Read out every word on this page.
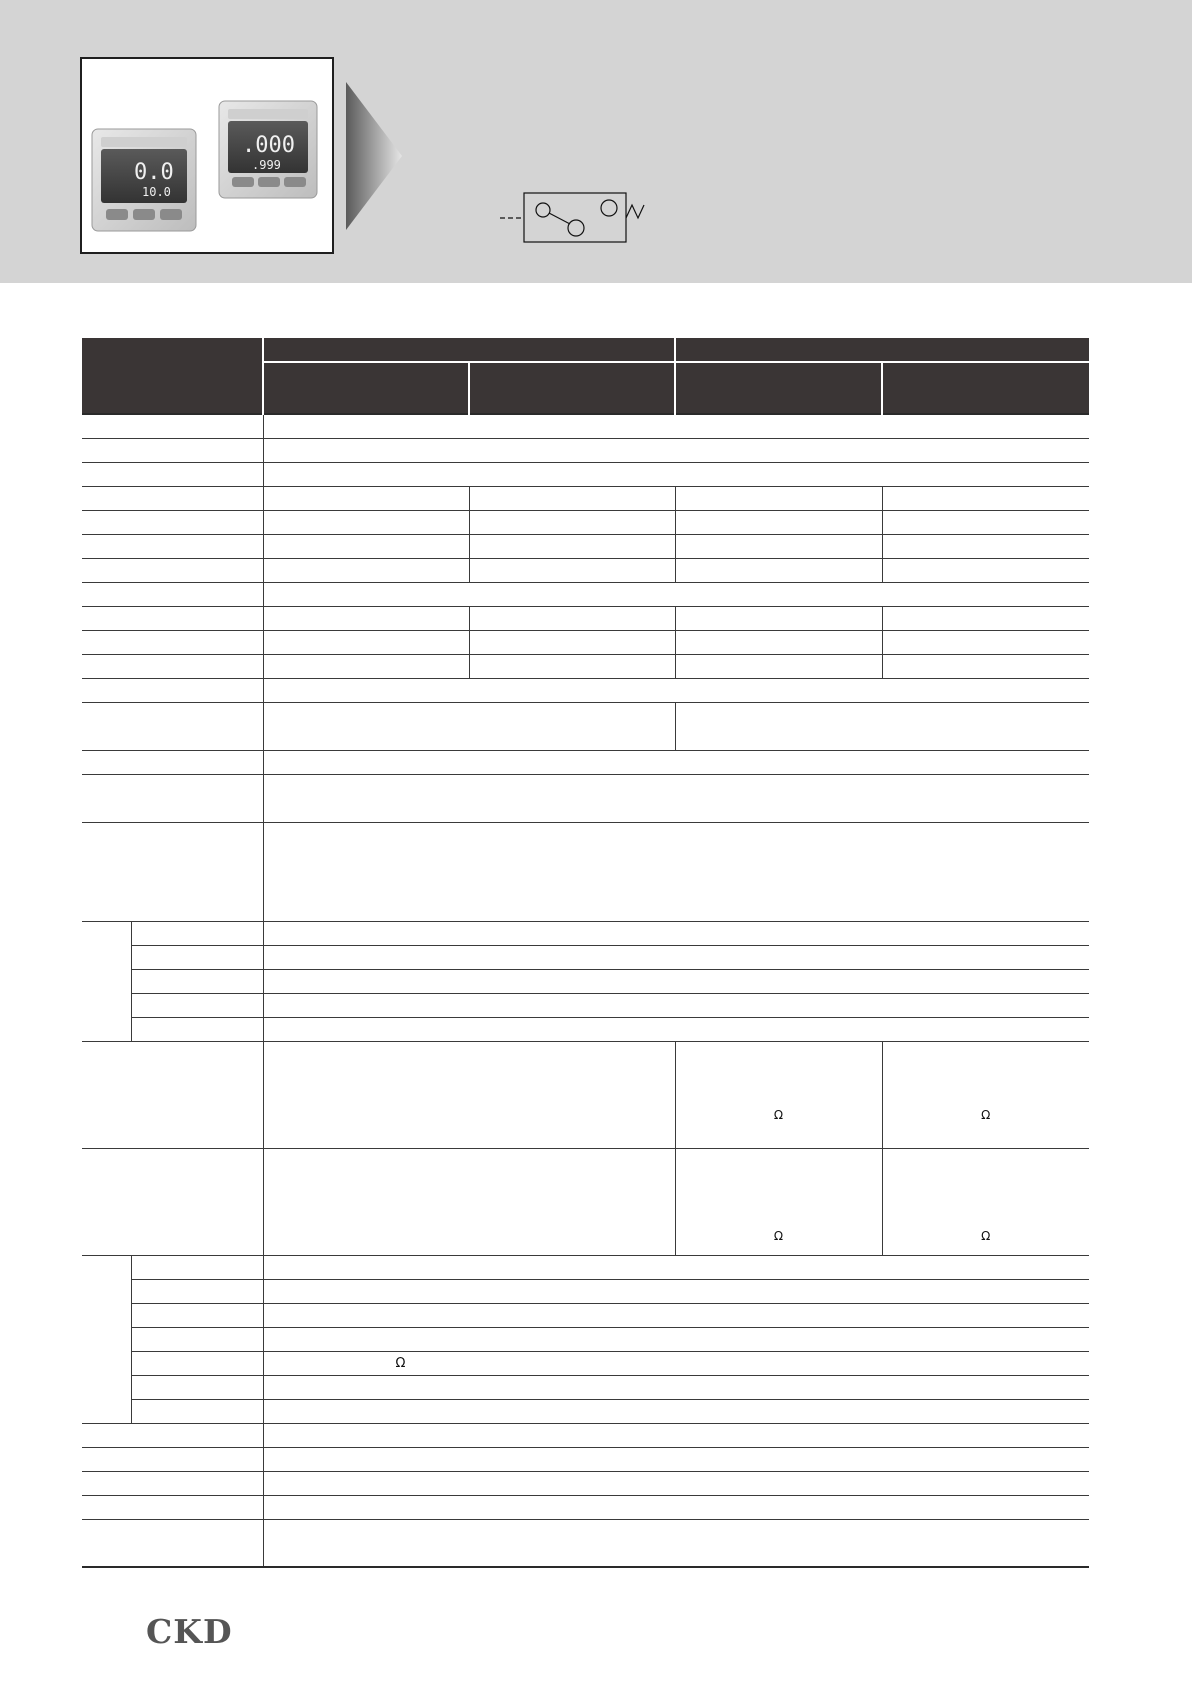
.000
.999
0.0
10.0

				Ω	Ω
				Ω	Ω

		Ω			

CKD
